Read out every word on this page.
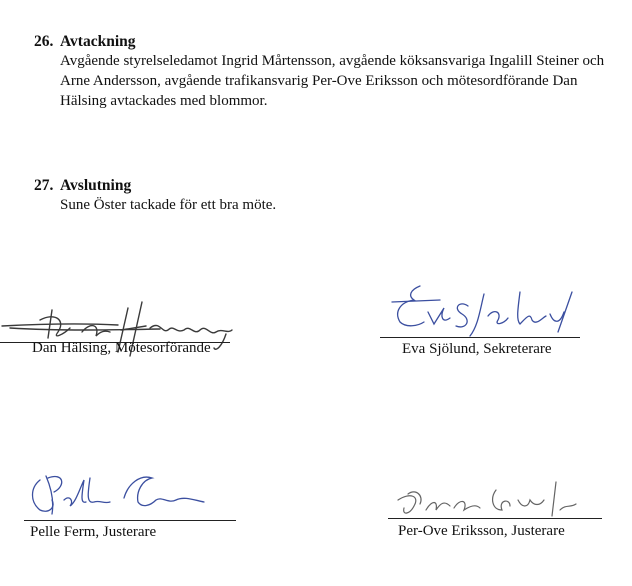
26. Avtackning
Avgående styrelseledamot Ingrid Mårtensson, avgående köksansvariga Ingalill Steiner och Arne Andersson, avgående trafikansvarig Per-Ove Eriksson och mötesordförande Dan Hälsing avtackades med blommor.
27. Avslutning
Sune Öster tackade för ett bra möte.
Dan Hälsing, Mötesorförande	Eva Sjölund, Sekreterare
Pelle Ferm, Justerare	Per-Ove Eriksson, Justerare
